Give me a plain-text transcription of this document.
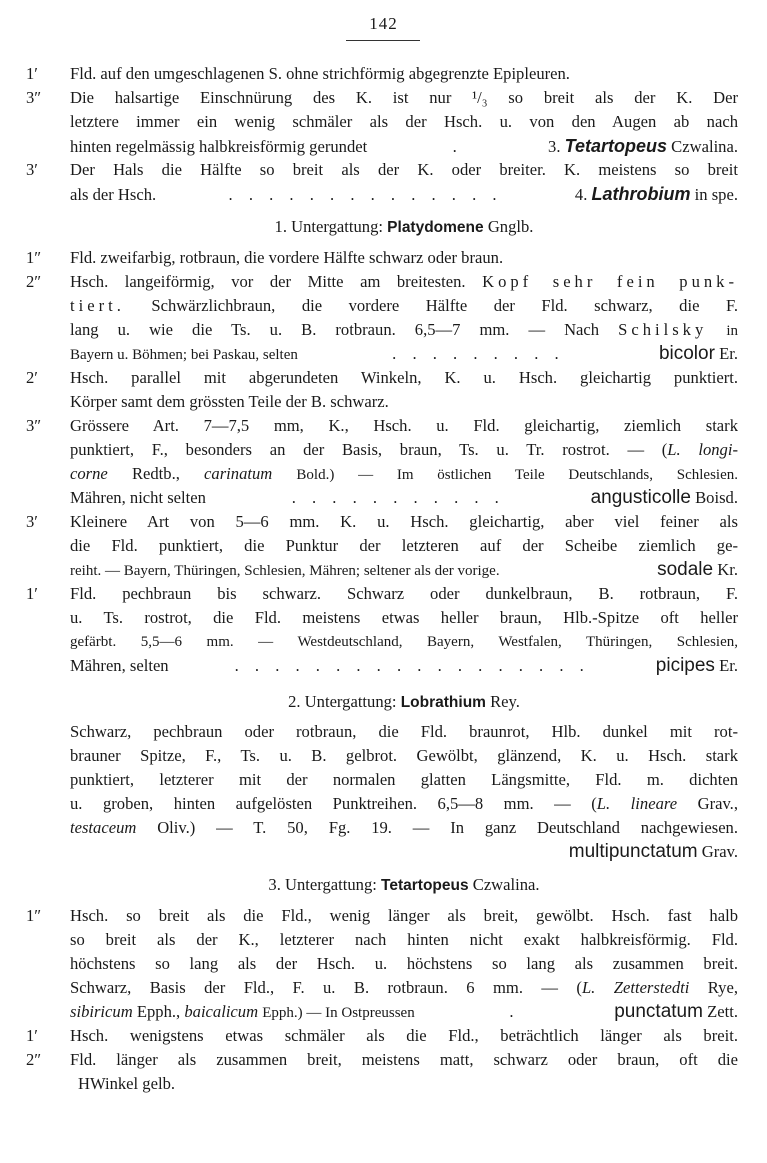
142
1′	Fld. auf den umgeschlagenen S. ohne strichförmig abgegrenzte Epipleuren.
3″	Die halsartige Einschnürung des K. ist nur ¹/₃ so breit als der K. Der
letztere immer ein wenig schmäler als der Hsch. u. von den Augen ab nach
hinten regelmässig halbkreisförmig gerundet	.	3. Tetartopeus Czwalina.
3′	Der Hals die Hälfte so breit als der K. oder breiter. K. meistens so breit
als der Hsch.	. . . . . . . . . . . . . .	4. Lathrobium in spe.
1. Untergattung: Platydomene Gnglb.
1″	Fld. zweifarbig, rotbraun, die vordere Hälfte schwarz oder braun.
2″	Hsch. langeiförmig, vor der Mitte am breitesten. Kopf sehr fein punk-
tiert. Schwärzlichbraun, die vordere Hälfte der Fld. schwarz, die F.
lang u. wie die Ts. u. B. rotbraun. 6,5—7 mm. — Nach Schilsky in
Bayern u. Böhmen; bei Paskau, selten	. . . . . . . . .	bicolor Er.
2′	Hsch. parallel mit abgerundeten Winkeln, K. u. Hsch. gleichartig punktiert.
Körper samt dem grössten Teile der B. schwarz.
3″	Grössere Art. 7—7,5 mm, K., Hsch. u. Fld. gleichartig, ziemlich stark
punktiert, F., besonders an der Basis, braun, Ts. u. Tr. rostrot. — (L. longi-
corne Redtb., carinatum Bold.) — Im östlichen Teile Deutschlands, Schlesien.
Mähren, nicht selten	. . . . . . . . . . .	angusticolle Boisd.
3′	Kleinere Art von 5—6 mm. K. u. Hsch. gleichartig, aber viel feiner als
die Fld. punktiert, die Punktur der letzteren auf der Scheibe ziemlich ge-
reiht. — Bayern, Thüringen, Schlesien, Mähren; seltener als der vorige.	sodale Kr.
1′	Fld. pechbraun bis schwarz. Schwarz oder dunkelbraun, B. rotbraun, F.
u. Ts. rostrot, die Fld. meistens etwas heller braun, Hlb.-Spitze oft heller
gefärbt. 5,5—6 mm. — Westdeutschland, Bayern, Westfalen, Thüringen, Schlesien,
Mähren, selten	. . . . . . . . . . . . . . . . . .	picipes Er.
2. Untergattung: Lobrathium Rey.
Schwarz, pechbraun oder rotbraun, die Fld. braunrot, Hlb. dunkel mit rot-
brauner Spitze, F., Ts. u. B. gelbrot. Gewölbt, glänzend, K. u. Hsch. stark
punktiert, letzterer mit der normalen glatten Längsmitte, Fld. m. dichten
u. groben, hinten aufgelösten Punktreihen. 6,5—8 mm. — (L. lineare Grav.,
testaceum Oliv.) — T. 50, Fg. 19. — In ganz Deutschland nachgewiesen.
multipunctatum Grav.
3. Untergattung: Tetartopeus Czwalina.
1″	Hsch. so breit als die Fld., wenig länger als breit, gewölbt. Hsch. fast halb
so breit als der K., letzterer nach hinten nicht exakt halbkreisförmig. Fld.
höchstens so lang als der Hsch. u. höchstens so lang als zusammen breit.
Schwarz, Basis der Fld., F. u. B. rotbraun. 6 mm. — (L. Zetterstedti Rye,
sibiricum Epph., baicalicum Epph.) — In Ostpreussen	.	punctatum Zett.
1′	Hsch. wenigstens etwas schmäler als die Fld., beträchtlich länger als breit.
2″	Fld. länger als zusammen breit, meistens matt, schwarz oder braun, oft die
HWinkel gelb.
